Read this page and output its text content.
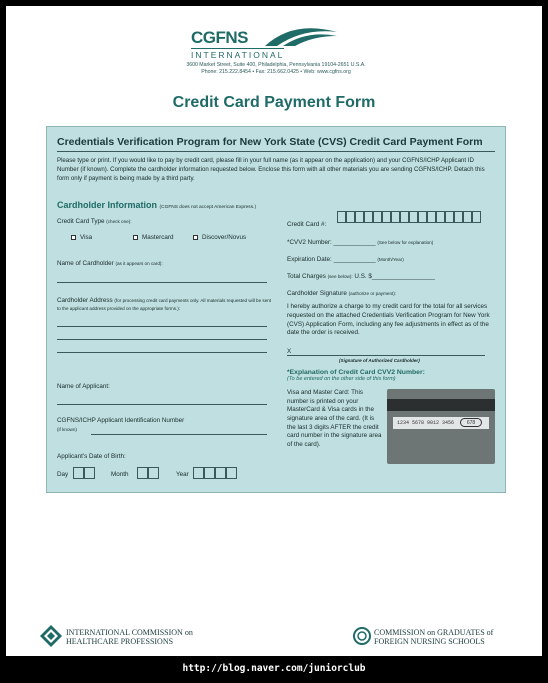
CGFNS
INTERNATIONAL
3600 Market Street, Suite 400, Philadelphia, Pennsylvania 19104-2651 U.S.A.
Phone: 215.222.8454 • Fax: 215.662.0425 • Web: www.cgfns.org
Credit Card Payment Form
Credentials Verification Program for New York State (CVS) Credit Card Payment Form
Please type or print. If you would like to pay by credit card, please fill in your full name (as it appear on the application) and your CGFNS/ICHP Applicant ID Number (if known). Complete the cardholder information requested below. Enclose this form with all other materials you are sending CGFNS/ICHP. Detach this form only if payment is being made by a third party.
Cardholder Information (CGFNS does not accept American Express.)
Credit Card Type (check one):
Visa	Mastercard	Discover/Novus
Name of Cardholder (as it appears on card):
Cardholder Address (for processing credit card payments only. All materials requested will be sent to the applicant address provided on the appropriate forms.):
Name of Applicant:
CGFNS/ICHP Applicant Identification Number
(if known)
Applicant's Date of Birth:
Day	Month	Year
Credit Card #:
*CVV2 Number: ____________ (See below for explanation)
Expiration Date: ____________ (Month/Year)
Total Charges (see below): U.S. $__________________
Cardholder Signature (authorize or payment):
I hereby authorize a charge to my credit card for the total for all services requested on the attached Credentials Verification Program for New York (CVS) Application Form, including any fee adjustments in effect as of the date the order is received.
X
(Signature of Authorized Cardholder)
*Explanation of Credit Card CVV2 Number:
(To be entered on the other side of this form)
Visa and Master Card: This number is printed on your MasterCard & Visa cards in the signature area of the card. (It is the last 3 digits AFTER the credit card number in the signature area of the card).
1234 5678 9012 3456	678
INTERNATIONAL COMMISSION on
HEALTHCARE PROFESSIONS
COMMISSION on GRADUATES of
FOREIGN NURSING SCHOOLS
http://blog.naver.com/juniorclub
